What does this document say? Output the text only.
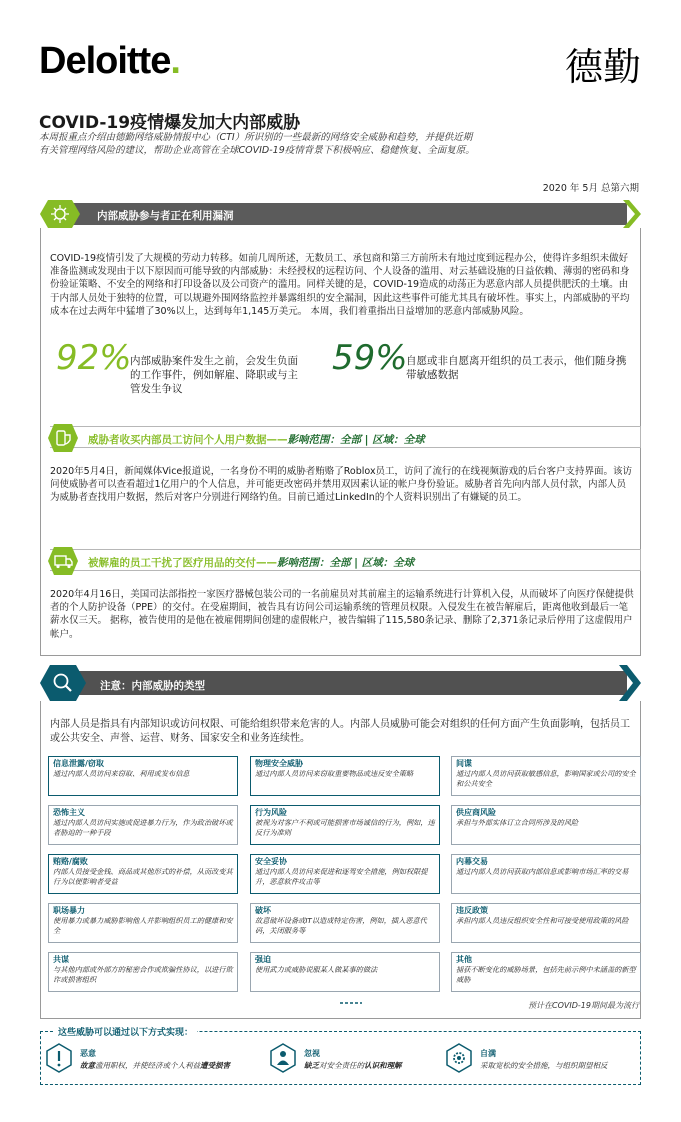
Deloitte.	德勤
COVID-19疫情爆发加大内部威胁
本周报重点介绍由德勤网络威胁情报中心（CTI）所识别的一些最新的网络安全威胁和趋势，并提供近期有关管理网络风险的建议，帮助企业高管在全球COVID-19疫情背景下积极响应、稳健恢复、全面复原。
2020 年 5月 总第六期
内部威胁参与者正在利用漏洞
COVID-19疫情引发了大规模的劳动力转移。如前几周所述，无数员工、承包商和第三方前所未有地过度到远程办公，使得许多组织未做好准备监测或发现由于以下原因而可能导致的内部威胁：未经授权的远程访问、个人设备的滥用、对云基础设施的日益依赖、薄弱的密码和身份验证策略、不安全的网络和打印设备以及公司资产的滥用。同样关键的是，COVID-19造成的动荡正为恶意内部人员提供肥沃的土壤。由于内部人员处于独特的位置，可以规避外围网络监控并暴露组织的安全漏洞，因此这些事件可能尤其具有破坏性。事实上，内部威胁的平均成本在过去两年中猛增了30%以上，达到每年1,145万美元。 本周，我们着重指出日益增加的恶意内部威胁风险。
92%
内部威胁案件发生之前，会发生负面的工作事件，例如解雇、降职或与主管发生争议
59%
自愿或非自愿离开组织的员工表示，他们随身携带敏感数据
威胁者收买内部员工访问个人用户数据——影响范围：全部 | 区域：全球
2020年5月4日，新闻媒体Vice报道说，一名身份不明的威胁者贿赂了Roblox员工，访问了流行的在线视频游戏的后台客户支持界面。该访问使威胁者可以查看超过1亿用户的个人信息，并可能更改密码并禁用双因素认证的帐户身份验证。威胁者首先向内部人员付款，内部人员为威胁者查找用户数据，然后对客户分别进行网络钓鱼。目前已通过LinkedIn的个人资料识别出了有嫌疑的员工。
被解雇的员工干扰了医疗用品的交付——影响范围：全部 | 区域：全球
2020年4月16日，美国司法部指控一家医疗器械包装公司的一名前雇员对其前雇主的运输系统进行计算机入侵，从而破坏了向医疗保健提供者的个人防护设备（PPE）的交付。在受雇期间，被告具有访问公司运输系统的管理员权限。入侵发生在被告解雇后，距离他收到最后一笔薪水仅三天。 据称，被告使用的是他在被雇佣期间创建的虚假帐户，被告编辑了115,580条记录、删除了2,371条记录后停用了这虚假用户帐户。
注意：内部威胁的类型
内部人员是指具有内部知识或访问权限、可能给组织带来危害的人。内部人员威胁可能会对组织的任何方面产生负面影响，包括员工或公共安全、声誉、运营、财务、国家安全和业务连续性。
信息泄露/窃取
通过内部人员访问来窃取、利用或发布信息
物理安全威胁
通过内部人员访问来窃取重要物品或违反安全策略
间谍
通过内部人员访问获取敏感信息，影响国家或公司的安全和公共安全
恐怖主义
通过内部人员访问实施或促进暴力行为，作为政治破坏或者胁迫的一种手段
行为风险
被视为对客户不利或可能损害市场诚信的行为，例如，违反行为准则
供应商风险
承担与外部实体订立合同所涉及的风险
贿赂/腐败
内部人员接受金钱、商品或其他形式的补偿，从而改变其行为以便影响者受益
安全妥协
通过内部人员访问来促进和逐驾安全措施，例如权限提升，恶意软件攻击等
内幕交易
通过内部人员访问获取内部信息或影响市场汇率的交易
职场暴力
使用暴力或暴力威胁影响他人并影响组织员工的健康和安全
破坏
故意破坏设备或IT以造成特定伤害，例如，插入恶意代码，关闭服务等
违反政策
承担内部人员违反组织安全性和可接受使用政策的风险
共谋
与其他内部或外部方的秘密合作或欺骗性协议，以进行欺诈或损害组织
强迫
使用武力或威胁说服某人做某事的做法
其他
捕获不断变化的威胁场景，包括先前示例中未涵盖的新型威胁
预计在COVID-19期间最为流行
这些威胁可以通过以下方式实现：
恶意
故意滥用职权，并使经济或个人利益遭受损害
忽视
缺乏对安全责任的认识和理解
自满
采取宽松的安全措施，与组织期望相反
